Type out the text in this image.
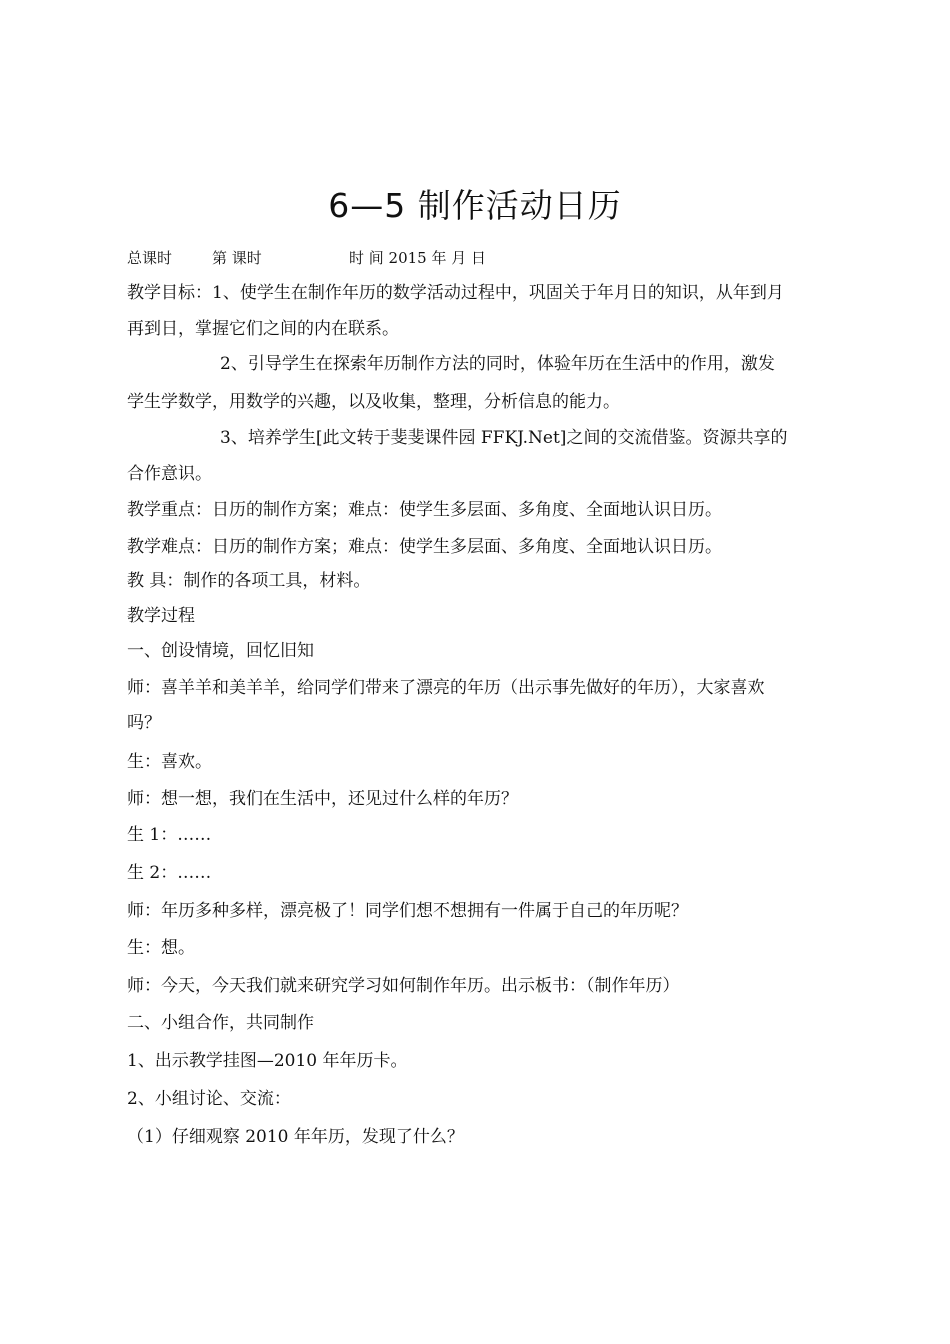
6—5 制作活动日历
总课时	第 课时	时 间 2015 年 月 日
教学目标：1、使学生在制作年历的数学活动过程中，巩固关于年月日的知识，从年到月
再到日，掌握它们之间的内在联系。
2、引导学生在探索年历制作方法的同时，体验年历在生活中的作用，激发
学生学数学，用数学的兴趣，以及收集，整理，分析信息的能力。
3、培养学生[此文转于斐斐课件园 FFKJ.Net]之间的交流借鉴。资源共享的
合作意识。
教学重点：日历的制作方案；难点：使学生多层面、多角度、全面地认识日历。
教学难点：日历的制作方案；难点：使学生多层面、多角度、全面地认识日历。
教 具：制作的各项工具，材料。
教学过程
一、创设情境，回忆旧知
师：喜羊羊和美羊羊，给同学们带来了漂亮的年历（出示事先做好的年历），大家喜欢
吗？
生：喜欢。
师：想一想，我们在生活中，还见过什么样的年历？
生 1：……
生 2：……
师：年历多种多样，漂亮极了！同学们想不想拥有一件属于自己的年历呢？
生：想。
师：今天，今天我们就来研究学习如何制作年历。出示板书：（制作年历）
二、小组合作，共同制作
1、出示教学挂图—2010 年年历卡。
2、小组讨论、交流：
（1）仔细观察 2010 年年历，发现了什么？
